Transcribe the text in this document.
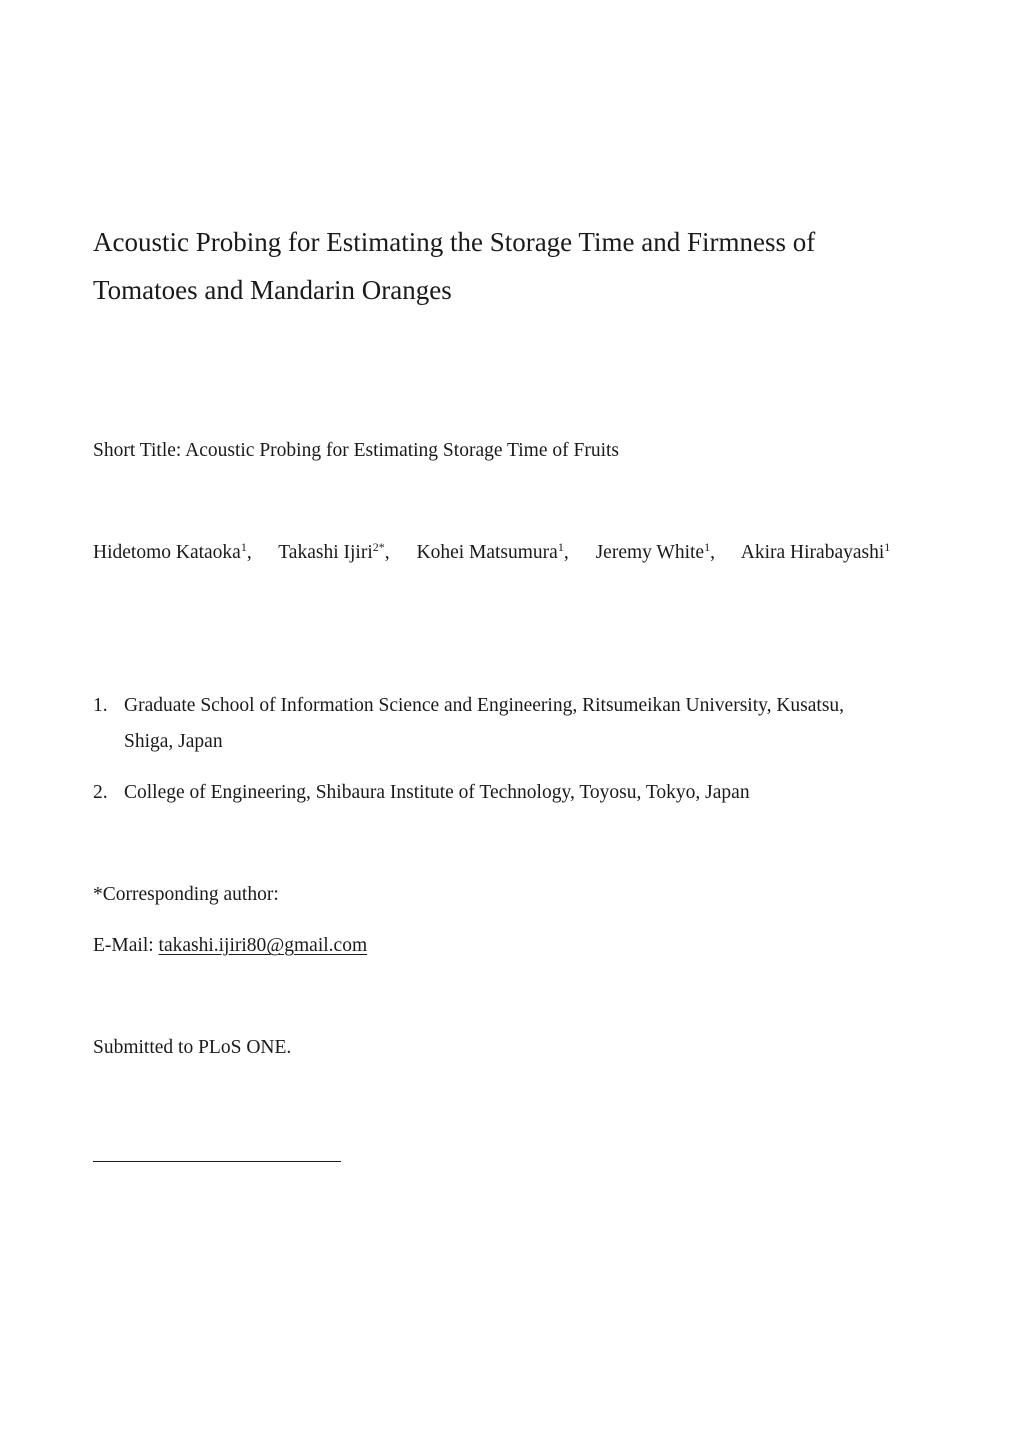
Acoustic Probing for Estimating the Storage Time and Firmness of
Tomatoes and Mandarin Oranges
Short Title: Acoustic Probing for Estimating Storage Time of Fruits
Hidetomo Kataoka$^1$, Takashi Ijiri$^{2*}$, Kohei Matsumura$^1$, Jeremy White$^1$, Akira Hirabayashi$^1$
1. Graduate School of Information Science and Engineering, Ritsumeikan University, Kusatsu,
Shiga, Japan
2. College of Engineering, Shibaura Institute of Technology, Toyosu, Tokyo, Japan
*Corresponding author:
E-Mail: takashi.ijiri80@gmail.com
Submitted to PLoS ONE.
